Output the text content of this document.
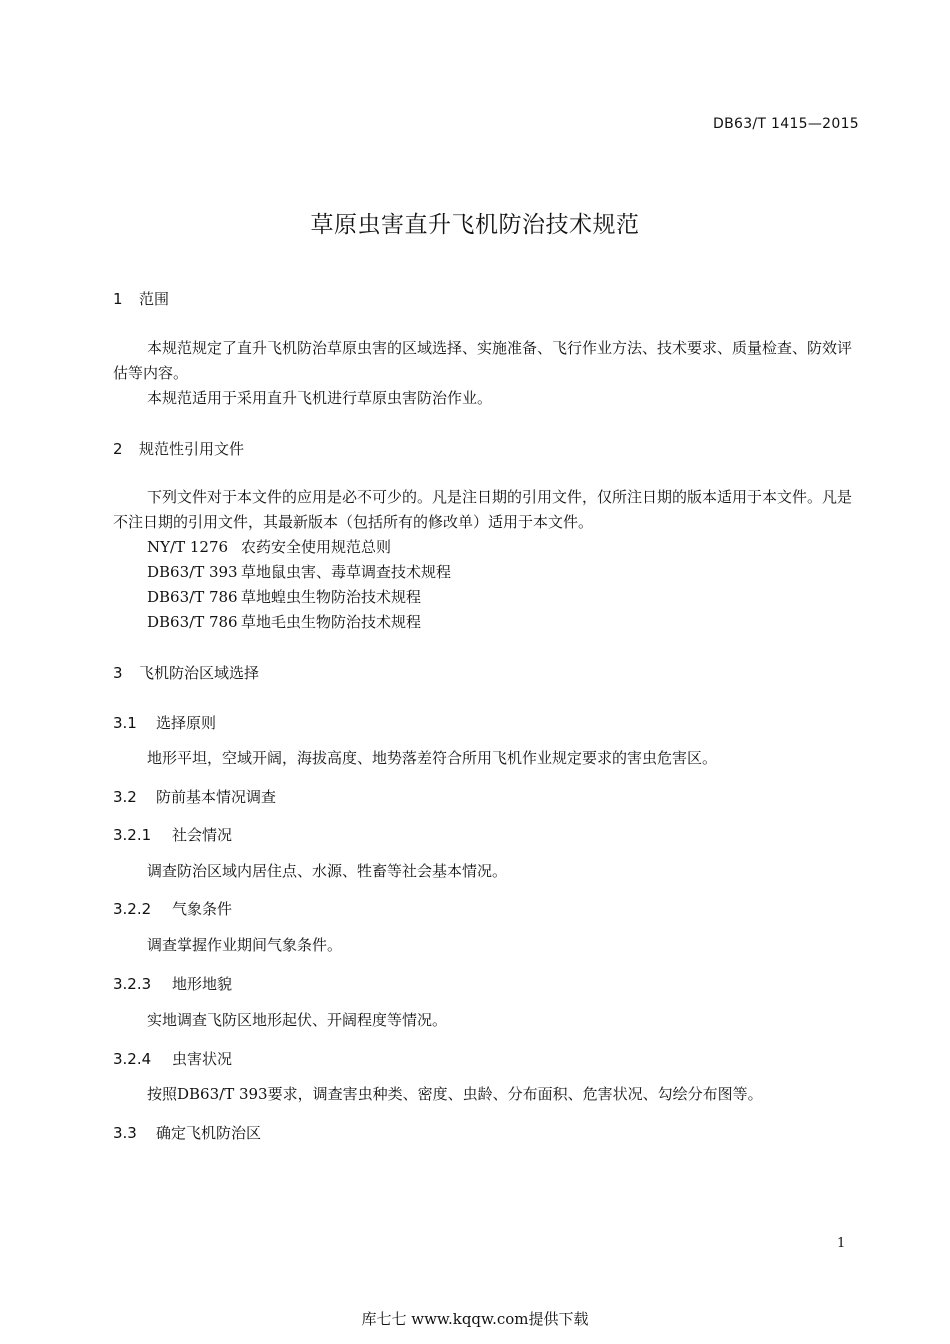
DB63/T 1415—2015
草原虫害直升飞机防治技术规范
1 范围
本规范规定了直升飞机防治草原虫害的区域选择、实施准备、飞行作业方法、技术要求、质量检查、防效评估等内容。
本规范适用于采用直升飞机进行草原虫害防治作业。
2 规范性引用文件
下列文件对于本文件的应用是必不可少的。凡是注日期的引用文件，仅所注日期的版本适用于本文件。凡是不注日期的引用文件，其最新版本（包括所有的修改单）适用于本文件。
NY/T 1276 农药安全使用规范总则
DB63/T 393 草地鼠虫害、毒草调查技术规程
DB63/T 786 草地蝗虫生物防治技术规程
DB63/T 786 草地毛虫生物防治技术规程
3 飞机防治区域选择
3.1 选择原则
地形平坦，空域开阔，海拔高度、地势落差符合所用飞机作业规定要求的害虫危害区。
3.2 防前基本情况调查
3.2.1 社会情况
调查防治区域内居住点、水源、牲畜等社会基本情况。
3.2.2 气象条件
调查掌握作业期间气象条件。
3.2.3 地形地貌
实地调查飞防区地形起伏、开阔程度等情况。
3.2.4 虫害状况
按照DB63/T 393要求，调查害虫种类、密度、虫龄、分布面积、危害状况、勾绘分布图等。
3.3 确定飞机防治区
1
库七七 www.kqqw.com提供下载
